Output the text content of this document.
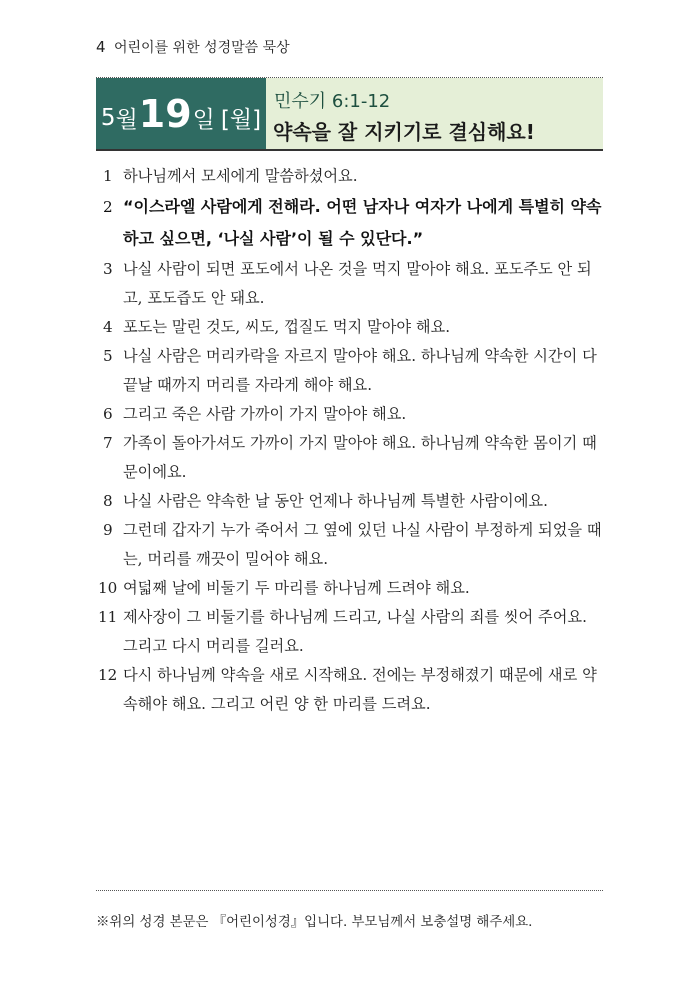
4 어린이를 위한 성경말씀 묵상
5 월 19 일 [월]
민수기 6:1-12
약속을 잘 지키기로 결심해요!
1 하나님께서 모세에게 말씀하셨어요.
2 “이스라엘 사람에게 전해라. 어떤 남자나 여자가 나에게 특별히 약속하고 싶으면, ‘나실 사람’이 될 수 있단다.”
3 나실 사람이 되면 포도에서 나온 것을 먹지 말아야 해요. 포도주도 안 되고, 포도즙도 안 돼요.
4 포도는 말린 것도, 씨도, 껍질도 먹지 말아야 해요.
5 나실 사람은 머리카락을 자르지 말아야 해요. 하나님께 약속한 시간이 다 끝날 때까지 머리를 자라게 해야 해요.
6 그리고 죽은 사람 가까이 가지 말아야 해요.
7 가족이 돌아가셔도 가까이 가지 말아야 해요. 하나님께 약속한 몸이기 때문이에요.
8 나실 사람은 약속한 날 동안 언제나 하나님께 특별한 사람이에요.
9 그런데 갑자기 누가 죽어서 그 옆에 있던 나실 사람이 부정하게 되었을 때는, 머리를 깨끗이 밀어야 해요.
10 여덟째 날에 비둘기 두 마리를 하나님께 드려야 해요.
11 제사장이 그 비둘기를 하나님께 드리고, 나실 사람의 죄를 씻어 주어요. 그리고 다시 머리를 길러요.
12 다시 하나님께 약속을 새로 시작해요. 전에는 부정해졌기 때문에 새로 약속해야 해요. 그리고 어린 양 한 마리를 드려요.
※위의 성경 본문은 『어린이성경』입니다. 부모님께서 보충설명 해주세요.
